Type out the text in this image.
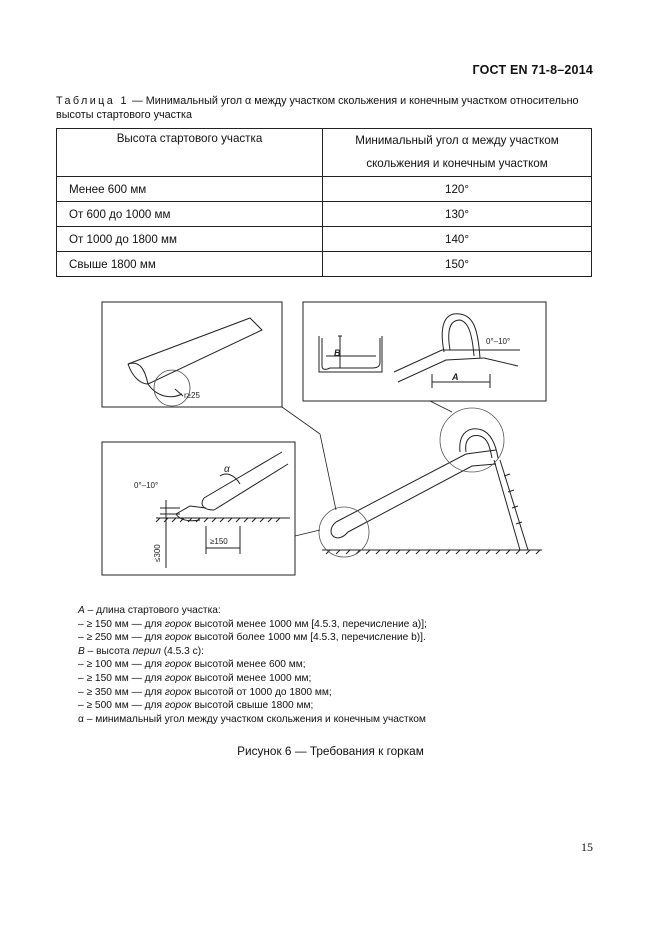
ГОСТ EN 71-8–2014
Таблица 1 — Минимальный угол α между участком скольжения и конечным участком относительно высоты стартового участка
Высота стартового участка	Минимальный угол α между участком скольжения и конечным участком
Менее 600 мм	120°
От 600 до 1000 мм	130°
От 1000 до 1800 мм	140°
Свыше 1800 мм	150°
r≥25
B
A
0°–10°
α
0°–10°
≥150
≤300
A – длина стартового участка:
– ≥ 150 мм — для горок высотой менее 1000 мм [4.5.3, перечисление a)];
– ≥ 250 мм — для горок высотой более 1000 мм [4.5.3, перечисление b)].
B – высота перил (4.5.3 c):
– ≥ 100 мм — для горок высотой менее 600 мм;
– ≥ 150 мм — для горок высотой менее 1000 мм;
– ≥ 350 мм — для горок высотой от 1000 до 1800 мм;
– ≥ 500 мм — для горок высотой свыше 1800 мм;
α – минимальный угол между участком скольжения и конечным участком
Рисунок 6 — Требования к горкам
15
